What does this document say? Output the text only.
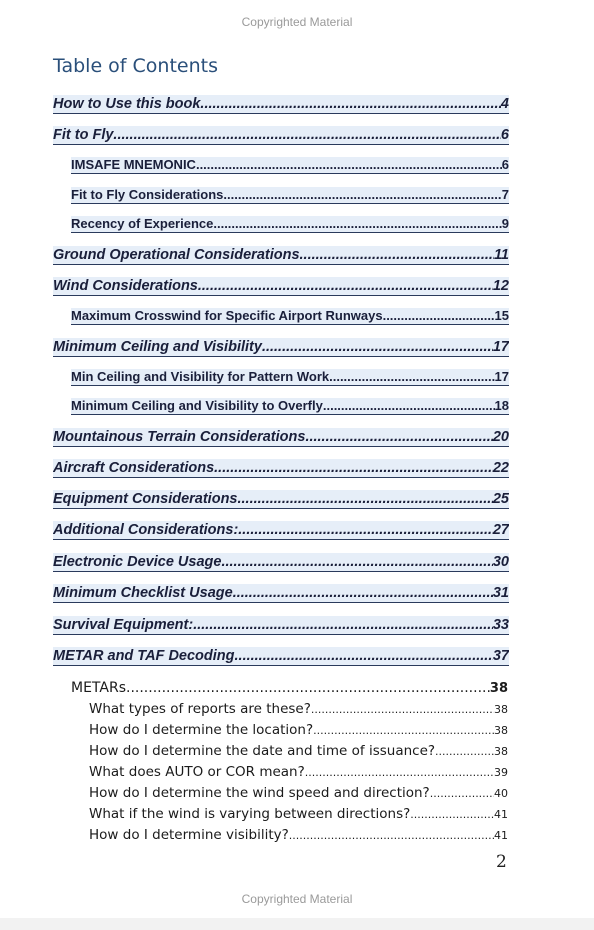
Copyrighted Material
Table of Contents
How to Use this book .....	4
Fit to Fly .....	6
IMSAFE MNEMONIC .....	6
Fit to Fly Considerations .....	7
Recency of Experience .....	9
Ground Operational Considerations .....	11
Wind Considerations .....	12
Maximum Crosswind for Specific Airport Runways .....	15
Minimum Ceiling and Visibility .....	17
Min Ceiling and Visibility for Pattern Work .....	17
Minimum Ceiling and Visibility to Overfly .....	18
Mountainous Terrain Considerations .....	20
Aircraft Considerations .....	22
Equipment Considerations .....	25
Additional Considerations: .....	27
Electronic Device Usage .....	30
Minimum Checklist Usage .....	31
Survival Equipment: .....	33
METAR and TAF Decoding .....	37
METARs .....	38
What types of reports are these? .....	38
How do I determine the location? .....	38
How do I determine the date and time of issuance? .....	38
What does AUTO or COR mean? .....	39
How do I determine the wind speed and direction? .....	40
What if the wind is varying between directions? .....	41
How do I determine visibility? .....	41
2
Copyrighted Material
